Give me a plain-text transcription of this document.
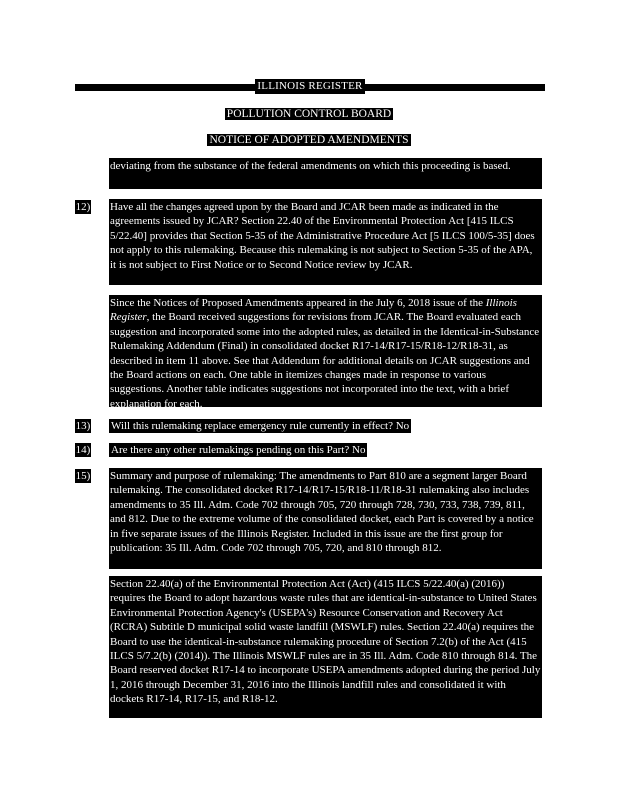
ILLINOIS REGISTER
POLLUTION CONTROL BOARD
NOTICE OF ADOPTED AMENDMENTS
deviating from the substance of the federal amendments on which this proceeding is based.
12) Have all the changes agreed upon by the Board and JCAR been made as indicated in the agreements issued by JCAR? Section 22.40 of the Environmental Protection Act [415 ILCS 5/22.40] provides that Section 5-35 of the Administrative Procedure Act [5 ILCS 100/5-35] does not apply to this rulemaking. Because this rulemaking is not subject to Section 5-35 of the APA, it is not subject to First Notice or to Second Notice review by JCAR.
Since the Notices of Proposed Amendments appeared in the July 6, 2018 issue of the Illinois Register, the Board received suggestions for revisions from JCAR. The Board evaluated each suggestion and incorporated some into the adopted rules, as detailed in the Identical-in-Substance Rulemaking Addendum (Final) in consolidated docket R17-14/R17-15/R18-12/R18-31, as described in item 11 above. See that Addendum for additional details on JCAR suggestions and the Board actions on each. One table in itemizes changes made in response to various suggestions. Another table indicates suggestions not incorporated into the text, with a brief explanation for each.
13) Will this rulemaking replace emergency rule currently in effect? No
14) Are there any other rulemakings pending on this Part? No
15) Summary and purpose of rulemaking: The amendments to Part 810 are a segment larger Board rulemaking. The consolidated docket R17-14/R17-15/R18-11/R18-31 rulemaking also includes amendments to 35 Ill. Adm. Code 702 through 705, 720 through 728, 730, 733, 738, 739, 811, and 812. Due to the extreme volume of the consolidated docket, each Part is covered by a notice in five separate issues of the Illinois Register. Included in this issue are the first group for publication: 35 Ill. Adm. Code 702 through 705, 720, and 810 through 812.
Section 22.40(a) of the Environmental Protection Act (Act) (415 ILCS 5/22.40(a) (2016)) requires the Board to adopt hazardous waste rules that are identical-in-substance to United States Environmental Protection Agency's (USEPA's) Resource Conservation and Recovery Act (RCRA) Subtitle D municipal solid waste landfill (MSWLF) rules. Section 22.40(a) requires the Board to use the identical-in-substance rulemaking procedure of Section 7.2(b) of the Act (415 ILCS 5/7.2(b) (2014)). The Illinois MSWLF rules are in 35 Ill. Adm. Code 810 through 814. The Board reserved docket R17-14 to incorporate USEPA amendments adopted during the period July 1, 2016 through December 31, 2016 into the Illinois landfill rules and consolidated it with dockets R17-14, R17-15, and R18-12.
